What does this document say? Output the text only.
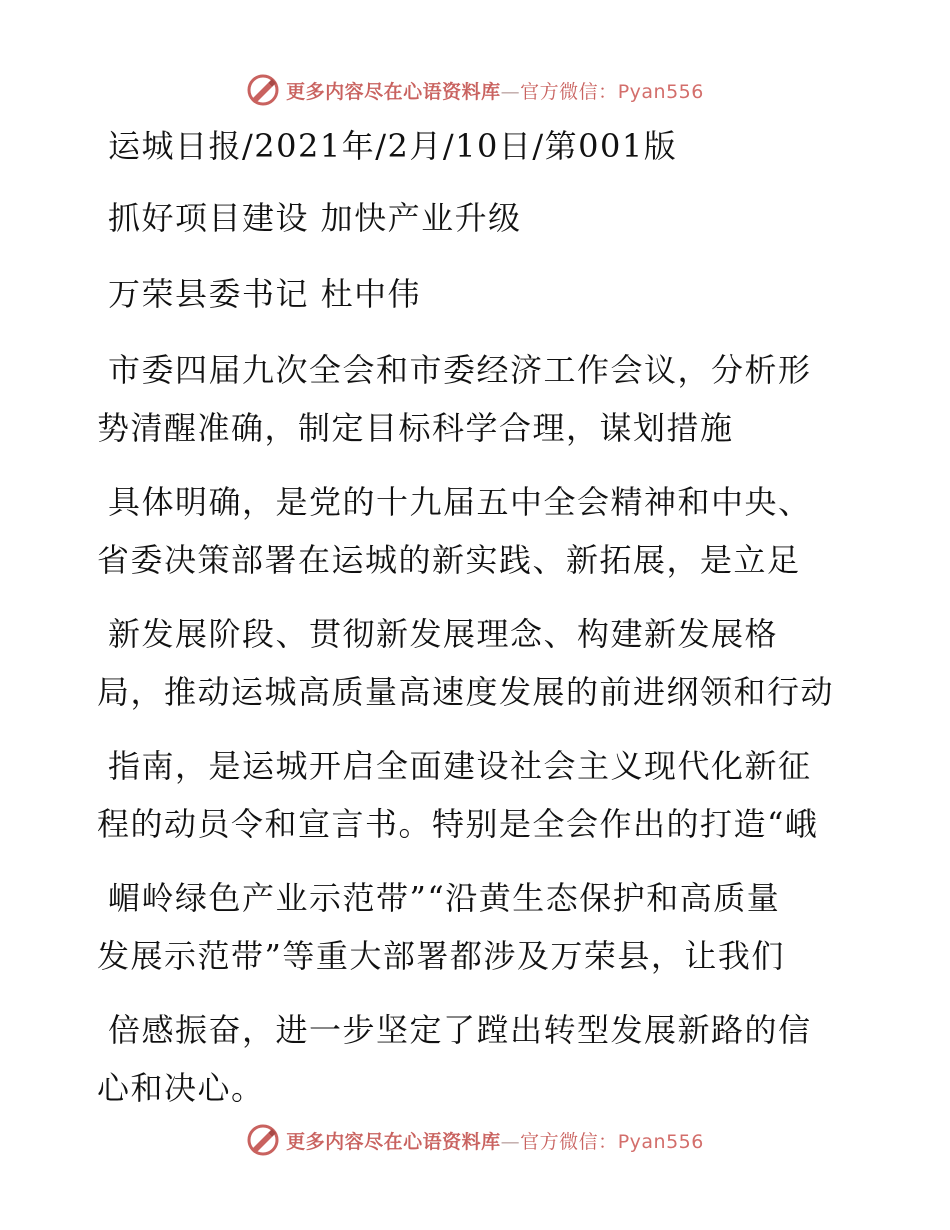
更多内容尽在心语资料库—官方微信：Pyan556
运城日报/2021年/2月/10日/第001版
抓好项目建设 加快产业升级
万荣县委书记 杜中伟
市委四届九次全会和市委经济工作会议，分析形
势清醒准确，制定目标科学合理，谋划措施
具体明确，是党的十九届五中全会精神和中央、
省委决策部署在运城的新实践、新拓展，是立足
新发展阶段、贯彻新发展理念、构建新发展格
局，推动运城高质量高速度发展的前进纲领和行动
指南，是运城开启全面建设社会主义现代化新征
程的动员令和宣言书。特别是全会作出的打造“峨
嵋岭绿色产业示范带”“沿黄生态保护和高质量
发展示范带”等重大部署都涉及万荣县，让我们
倍感振奋，进一步坚定了蹚出转型发展新路的信
心和决心。
更多内容尽在心语资料库—官方微信：Pyan556
